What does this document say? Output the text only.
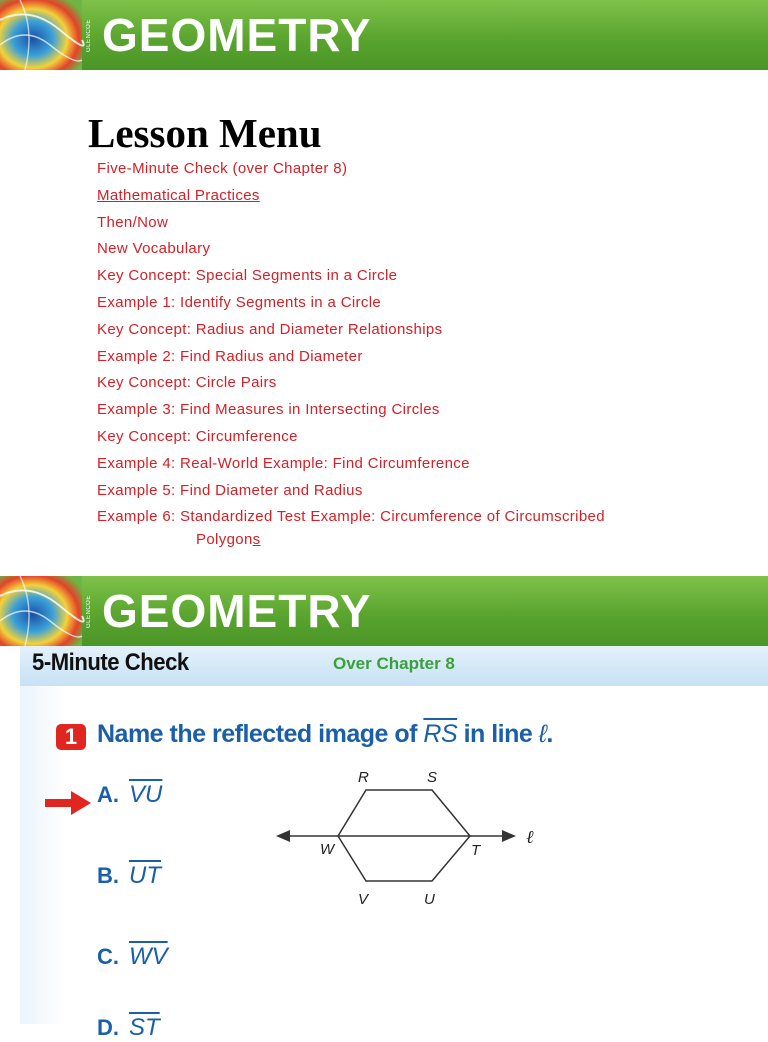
GLENCOE GEOMETRY
Lesson Menu
Five-Minute Check (over Chapter 8)
Mathematical Practices
Then/Now
New Vocabulary
Key Concept: Special Segments in a Circle
Example 1: Identify Segments in a Circle
Key Concept: Radius and Diameter Relationships
Example 2: Find Radius and Diameter
Key Concept: Circle Pairs
Example 3: Find Measures in Intersecting Circles
Key Concept: Circumference
Example 4: Real-World Example: Find Circumference
Example 5: Find Diameter and Radius
Example 6: Standardized Test Example: Circumference of Circumscribed
Polygons
GLENCOE GEOMETRY
5-Minute Check	Over Chapter 8
1 Name the reflected image of $\overline{RS}$ in line ℓ.
A. $\overline{VU}$
B. $\overline{UT}$
C. $\overline{WV}$
D. $\overline{ST}$
R	S
W	T
V	U
ℓ
